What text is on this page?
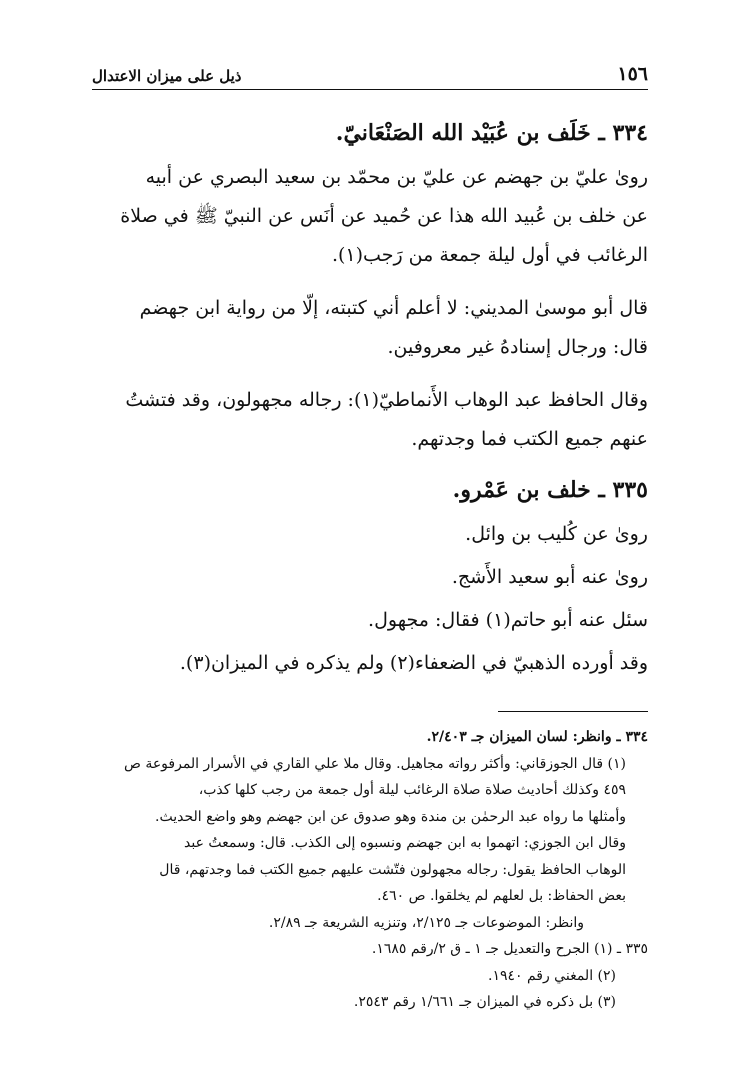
١٥٦
ذيل على ميزان الاعتدال
٣٣٤ ـ خَلَف بن عُبَيْد الله الصَنْعَانيّ.
روىٰ عليّ بن جهضم عن عليّ بن محمّد بن سعيد البصري عن أبيه
عن خلف بن عُبيد الله هذا عن حُميد عن أنَس عن النبيّ ﷺ في صلاة
الرغائب في أول ليلة جمعة من رَجب(١).
قال أبو موسىٰ المديني: لا أعلم أني كتبته، إلّا من رواية ابن جهضم
قال: ورجال إسنادهُ غير معروفين.
وقال الحافظ عبد الوهاب الأَنماطيّ(١): رجاله مجهولون، وقد فتشتُ
عنهم جميع الكتب فما وجدتهم.
٣٣٥ ـ خلف بن عَمْرو.
روىٰ عن كُليب بن وائل.
روىٰ عنه أبو سعيد الأَشج.
سئل عنه أبو حاتم(١) فقال: مجهول.
وقد أورده الذهبيّ في الضعفاء(٢) ولم يذكره في الميزان(٣).
٣٣٤ ـ وانظر: لسان الميزان جـ ٢/٤٠٣.
(١) قال الجوزقاني: وأكثر رواته مجاهيل. وقال ملا علي القاري في الأسرار المرفوعة ص
٤٥٩ وكذلك أحاديث صلاة صلاة الرغائب ليلة أول جمعة من رجب كلها كذب،
وأمثلها ما رواه عبد الرحمٰن بن مندة وهو صدوق عن ابن جهضم وهو واضع الحديث.
وقال ابن الجوزي: اتهموا به ابن جهضم ونسبوه إلى الكذب. قال: وسمعتُ عبد
الوهاب الحافظ يقول: رجاله مجهولون فتّشت عليهم جميع الكتب فما وجدتهم، قال
بعض الحفاظ: بل لعلهم لم يخلقوا. ص ٤٦٠.
وانظر: الموضوعات جـ ٢/١٢٥، وتنزيه الشريعة جـ ٢/٨٩.
٣٣٥ ـ (١) الجرح والتعديل جـ ١ ـ ق ٢/رقم ١٦٨٥.
(٢) المغني رقم ١٩٤٠.
(٣) بل ذكره في الميزان جـ ١/٦٦١ رقم ٢٥٤٣.
